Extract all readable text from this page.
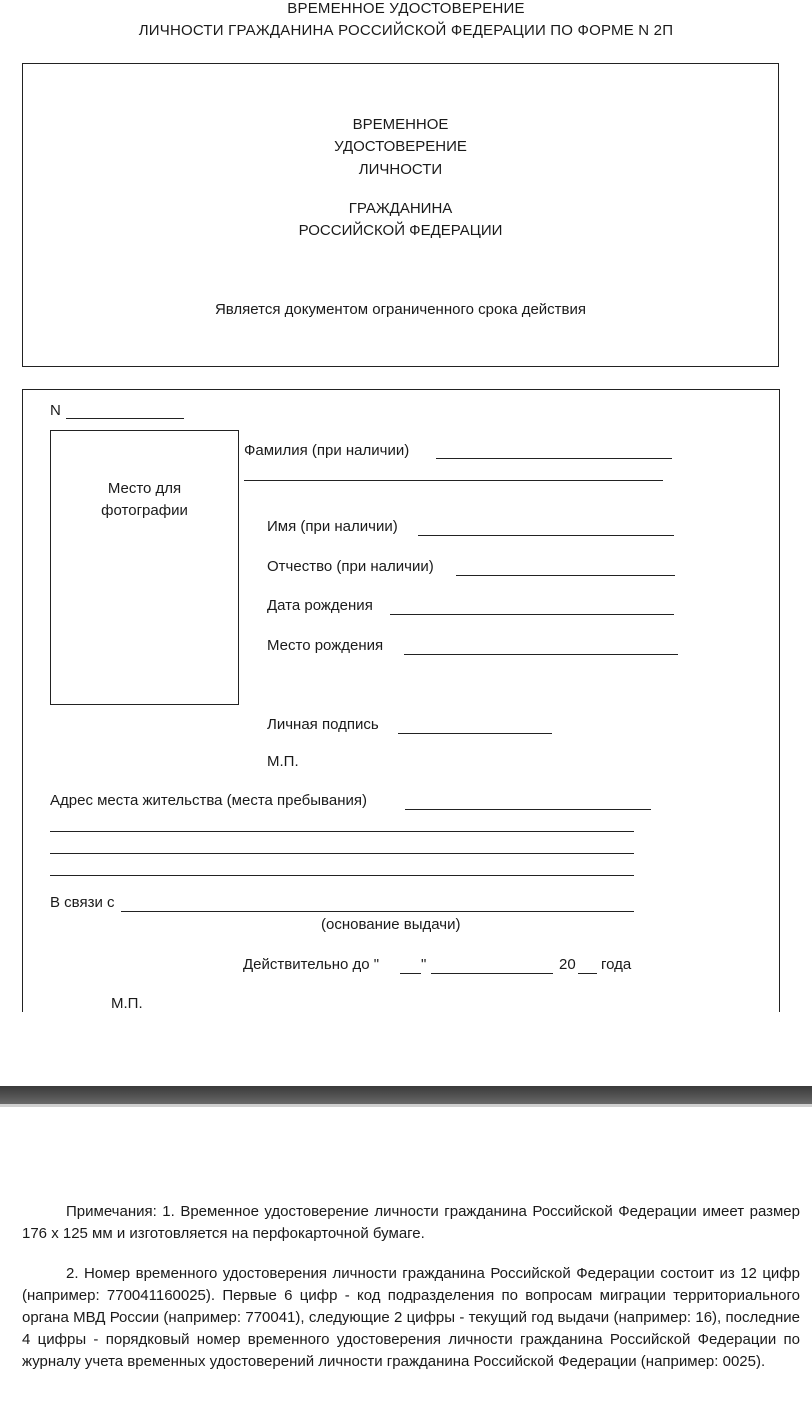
ВРЕМЕННОЕ УДОСТОВЕРЕНИЕ
ЛИЧНОСТИ ГРАЖДАНИНА РОССИЙСКОЙ ФЕДЕРАЦИИ ПО ФОРМЕ N 2П
ВРЕМЕННОЕ
УДОСТОВЕРЕНИЕ
ЛИЧНОСТИ
ГРАЖДАНИНА
РОССИЙСКОЙ ФЕДЕРАЦИИ
Является документом ограниченного срока действия
N
Место для
фотографии
Фамилия (при наличии)
Имя (при наличии)
Отчество (при наличии)
Дата рождения
Место рождения
Личная подпись
М.П.
Адрес места жительства (места пребывания)
В связи с
(основание выдачи)
Действительно до "	"	20 года
М.П.
Примечания: 1. Временное удостоверение личности гражданина Российской Федерации имеет размер 176 x 125 мм и изготовляется на перфокарточной бумаге.
2. Номер временного удостоверения личности гражданина Российской Федерации состоит из 12 цифр (например: 770041160025). Первые 6 цифр - код подразделения по вопросам миграции территориального органа МВД России (например: 770041), следующие 2 цифры - текущий год выдачи (например: 16), последние 4 цифры - порядковый номер временного удостоверения личности гражданина Российской Федерации по журналу учета временных удостоверений личности гражданина Российской Федерации (например: 0025).
